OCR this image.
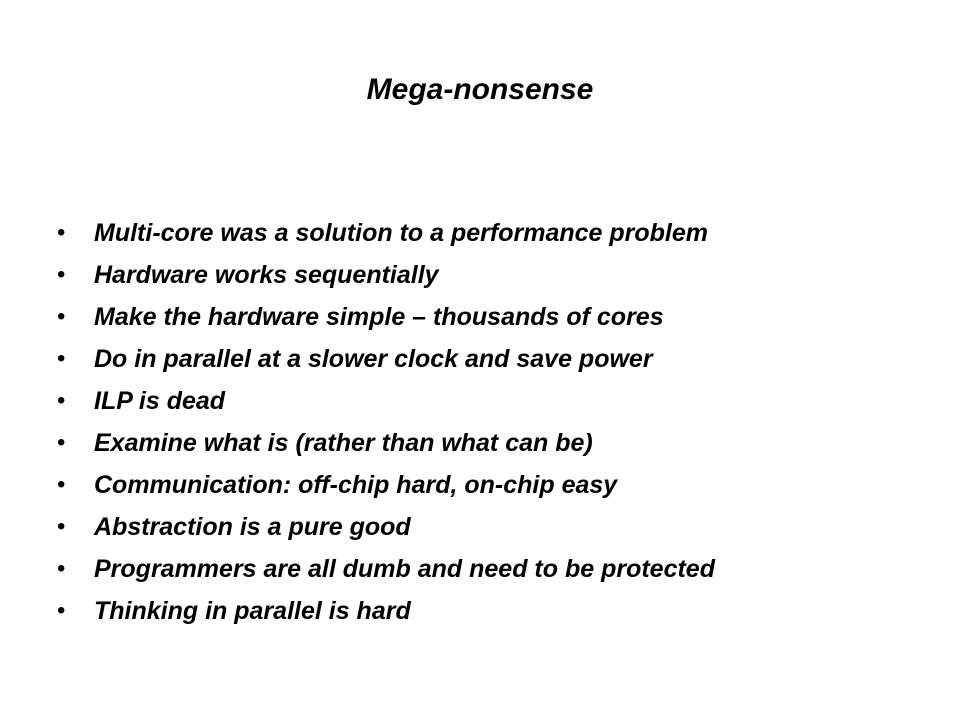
Mega-nonsense
• Multi-core was a solution to a performance problem
• Hardware works sequentially
• Make the hardware simple – thousands of cores
• Do in parallel at a slower clock and save power
• ILP is dead
• Examine what is (rather than what can be)
• Communication: off-chip hard, on-chip easy
• Abstraction is a pure good
• Programmers are all dumb and need to be protected
• Thinking in parallel is hard
